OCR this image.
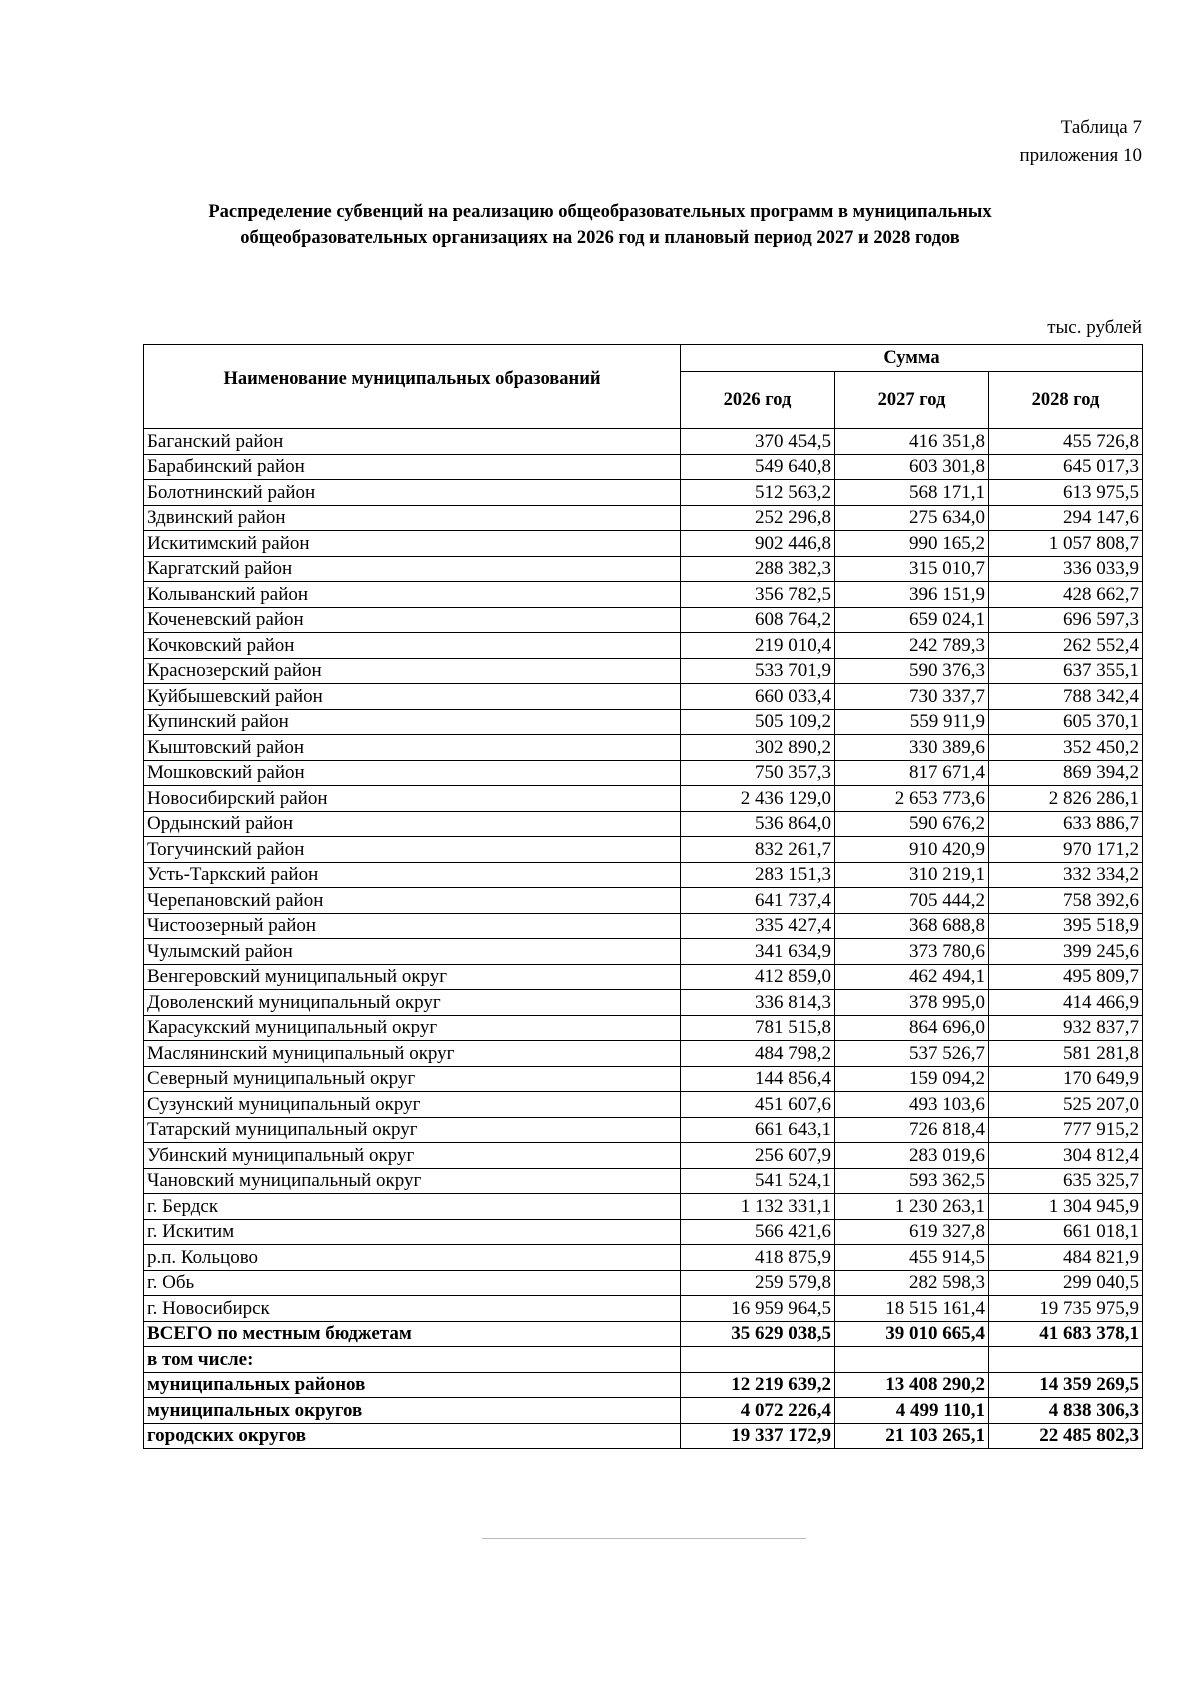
Таблица 7
приложения 10
Распределение субвенций на реализацию общеобразовательных программ в муниципальных
общеобразовательных организациях на 2026 год и плановый период 2027 и 2028 годов
тыс. рублей
Наименование муниципальных образований	Сумма		
	2026 год	2027 год	2028 год
Баганский район	370 454,5	416 351,8	455 726,8
Барабинский район	549 640,8	603 301,8	645 017,3
Болотнинский район	512 563,2	568 171,1	613 975,5
Здвинский район	252 296,8	275 634,0	294 147,6
Искитимский район	902 446,8	990 165,2	1 057 808,7
Каргатский район	288 382,3	315 010,7	336 033,9
Колыванский район	356 782,5	396 151,9	428 662,7
Коченевский район	608 764,2	659 024,1	696 597,3
Кочковский район	219 010,4	242 789,3	262 552,4
Краснозерский район	533 701,9	590 376,3	637 355,1
Куйбышевский район	660 033,4	730 337,7	788 342,4
Купинский район	505 109,2	559 911,9	605 370,1
Кыштовский район	302 890,2	330 389,6	352 450,2
Мошковский район	750 357,3	817 671,4	869 394,2
Новосибирский район	2 436 129,0	2 653 773,6	2 826 286,1
Ордынский район	536 864,0	590 676,2	633 886,7
Тогучинский район	832 261,7	910 420,9	970 171,2
Усть-Таркский район	283 151,3	310 219,1	332 334,2
Черепановский район	641 737,4	705 444,2	758 392,6
Чистоозерный район	335 427,4	368 688,8	395 518,9
Чулымский район	341 634,9	373 780,6	399 245,6
Венгеровский муниципальный округ	412 859,0	462 494,1	495 809,7
Доволенский муниципальный округ	336 814,3	378 995,0	414 466,9
Карасукский муниципальный округ	781 515,8	864 696,0	932 837,7
Маслянинский муниципальный округ	484 798,2	537 526,7	581 281,8
Северный муниципальный округ	144 856,4	159 094,2	170 649,9
Сузунский муниципальный округ	451 607,6	493 103,6	525 207,0
Татарский муниципальный округ	661 643,1	726 818,4	777 915,2
Убинский муниципальный округ	256 607,9	283 019,6	304 812,4
Чановский муниципальный округ	541 524,1	593 362,5	635 325,7
г. Бердск	1 132 331,1	1 230 263,1	1 304 945,9
г. Искитим	566 421,6	619 327,8	661 018,1
р.п. Кольцово	418 875,9	455 914,5	484 821,9
г. Обь	259 579,8	282 598,3	299 040,5
г. Новосибирск	16 959 964,5	18 515 161,4	19 735 975,9
ВСЕГО по местным бюджетам	35 629 038,5	39 010 665,4	41 683 378,1
в том числе:			
муниципальных районов	12 219 639,2	13 408 290,2	14 359 269,5
муниципальных округов	4 072 226,4	4 499 110,1	4 838 306,3
городских округов	19 337 172,9	21 103 265,1	22 485 802,3
